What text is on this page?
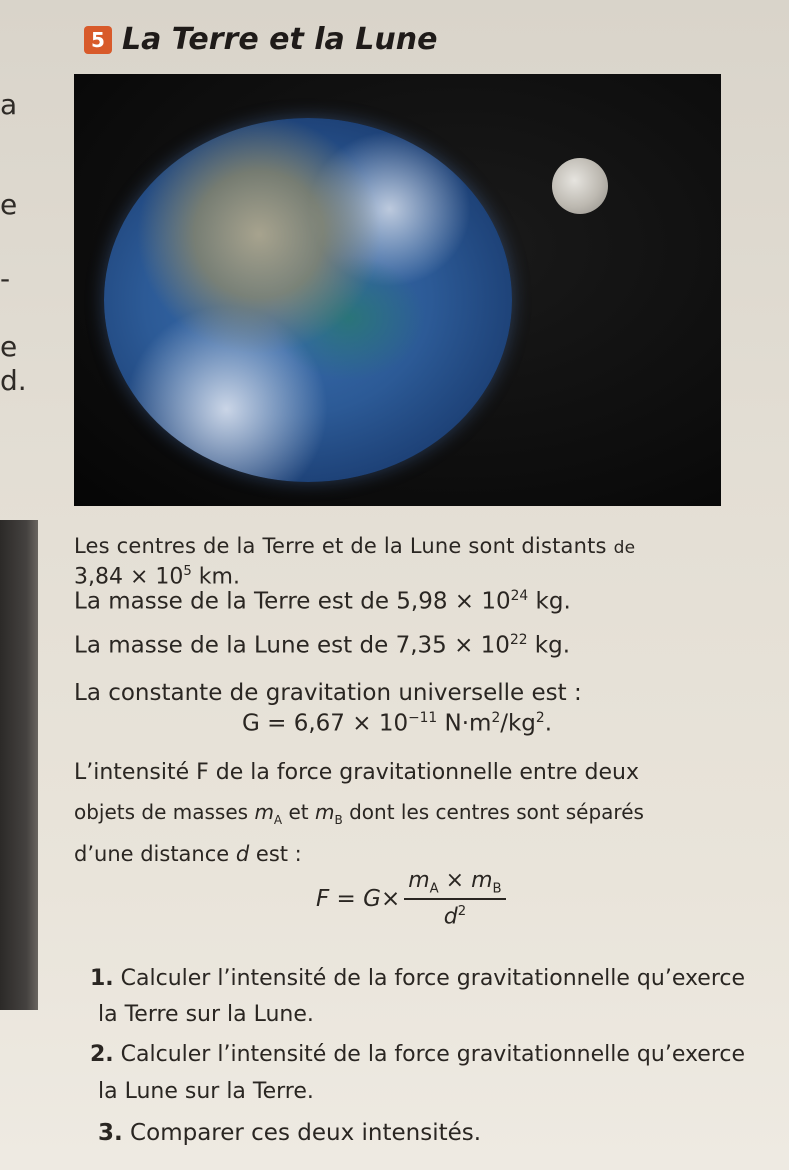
a
e
-
e
d.
5 La Terre et la Lune
Les centres de la Terre et de la Lune sont distants de
$3,84 \times 10^5$ km.
La masse de la Terre est de $5,98 \times 10^{24}$ kg.
La masse de la Lune est de $7,35 \times 10^{22}$ kg.
La constante de gravitation universelle est :
$G = 6,67 \times 10^{-11}$ $N\cdot m^2/kg^2$.
L’intensité F de la force gravitationnelle entre deux
objets de masses $m_A$ et $m_B$ dont les centres sont séparés
d’une distance d est :
$F = G\times \frac{m_A \times m_B}{d^2}$
1. Calculer l’intensité de la force gravitationnelle qu’exerce
la Terre sur la Lune.
2. Calculer l’intensité de la force gravitationnelle qu’exerce
la Lune sur la Terre.
3. Comparer ces deux intensités.
